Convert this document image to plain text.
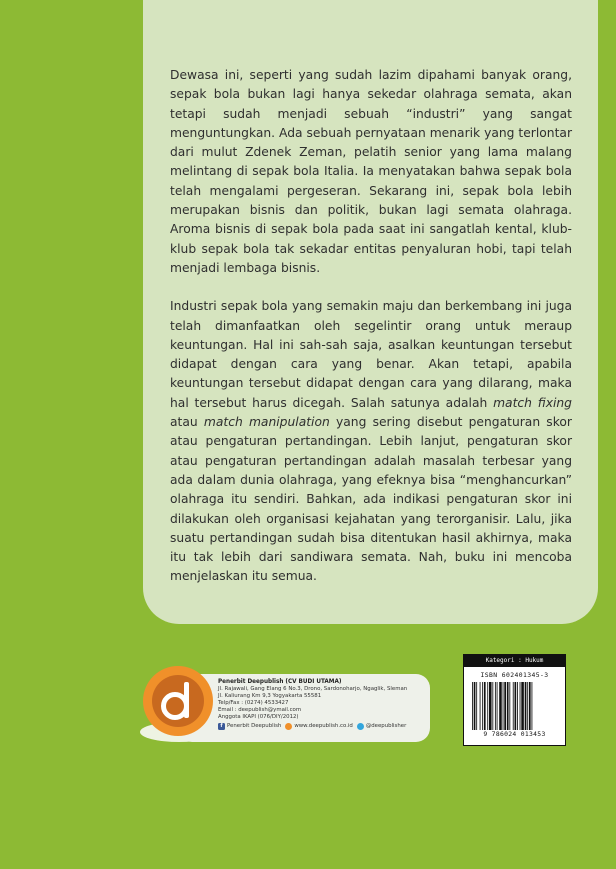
Dewasa ini, seperti yang sudah lazim dipahami banyak orang, sepak bola bukan lagi hanya sekedar olahraga semata, akan tetapi sudah menjadi sebuah “industri” yang sangat menguntungkan. Ada sebuah pernyataan menarik yang terlontar dari mulut Zdenek Zeman, pelatih senior yang lama malang melintang di sepak bola Italia. Ia menyatakan bahwa sepak bola telah mengalami pergeseran. Sekarang ini, sepak bola lebih merupakan bisnis dan politik, bukan lagi semata olahraga. Aroma bisnis di sepak bola pada saat ini sangatlah kental, klub-klub sepak bola tak sekadar entitas penyaluran hobi, tapi telah menjadi lembaga bisnis.

Industri sepak bola yang semakin maju dan berkembang ini juga telah dimanfaatkan oleh segelintir orang untuk meraup keuntungan. Hal ini sah-sah saja, asalkan keuntungan tersebut didapat dengan cara yang benar. Akan tetapi, apabila keuntungan tersebut didapat dengan cara yang dilarang, maka hal tersebut harus dicegah. Salah satunya adalah match fixing atau match manipulation yang sering disebut pengaturan skor atau pengaturan pertandingan. Lebih lanjut, pengaturan skor atau pengaturan pertandingan adalah masalah terbesar yang ada dalam dunia olahraga, yang efeknya bisa “menghancurkan” olahraga itu sendiri. Bahkan, ada indikasi pengaturan skor ini dilakukan oleh organisasi kejahatan yang terorganisir. Lalu, jika suatu pertandingan sudah bisa ditentukan hasil akhirnya, maka itu tak lebih dari sandiwara semata. Nah, buku ini mencoba menjelaskan itu semua.

Penerbit Deepublish (CV BUDI UTAMA)
Jl. Rajawali, Gang Elang 6 No.3, Drono, Sardonoharjo, Ngaglik, Sleman
Jl. Kaliurang Km 9,3 Yogyakarta 55581
Telp/Fax : (0274) 4533427
Email : deepublish@ymail.com
Anggota IKAPI (076/DIY/2012)
f Penerbit Deepublish www.deepublish.co.id @deepublisher
Kategori : Hukum
ISBN 602401345-3
9 786024 013453
